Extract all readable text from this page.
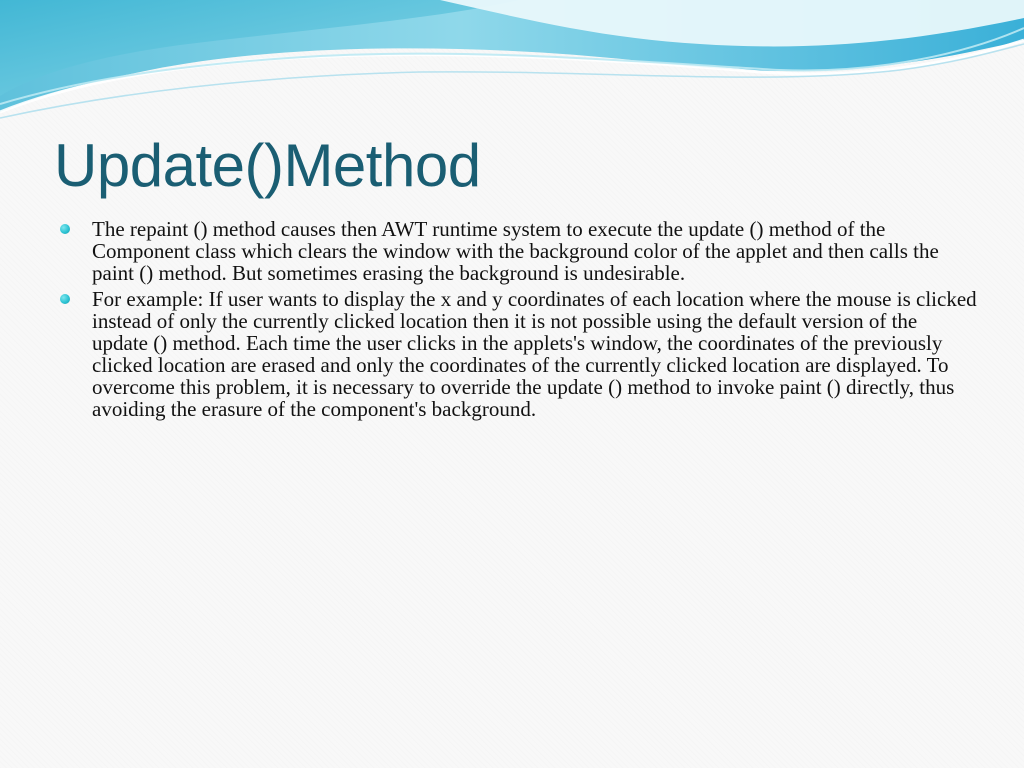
Update()Method
The repaint () method causes then AWT runtime system to execute the update () method of the Component class which clears the window with the background color of the applet and then calls the paint () method. But sometimes erasing the background is undesirable.
For example: If user wants to display the x and y coordinates of each location where the mouse is clicked instead of only the currently clicked location then it is not possible using the default version of the update () method. Each time the user clicks in the applets's window, the coordinates of the previously clicked location are erased and only the coordinates of the currently clicked location are displayed. To overcome this problem, it is necessary to override the update () method to invoke paint () directly, thus avoiding the erasure of the component's background.
